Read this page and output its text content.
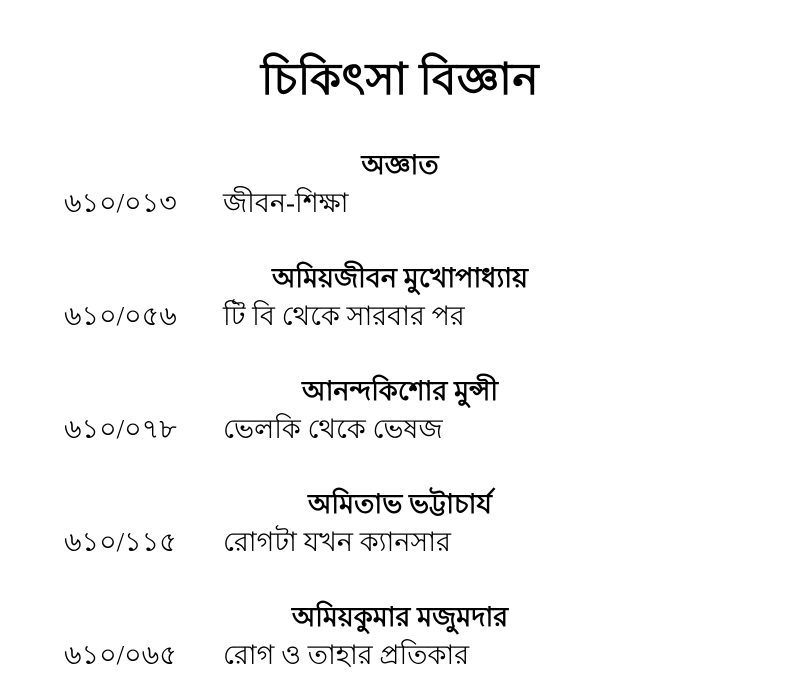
চিকিৎসা বিজ্ঞান
অজ্ঞাত
৬১০/০১৩	জীবন-শিক্ষা
অমিয়জীবন মুখোপাধ্যায়
৬১০/০৫৬	টি বি থেকে সারবার পর
আনন্দকিশোর মুন্সী
৬১০/০৭৮	ভেলকি থেকে ভেষজ
অমিতাভ ভট্টাচার্য
৬১০/১১৫	রোগটা যখন ক্যানসার
অমিয়কুমার মজুমদার
৬১০/০৬৫	রোগ ও তাহার প্রতিকার
